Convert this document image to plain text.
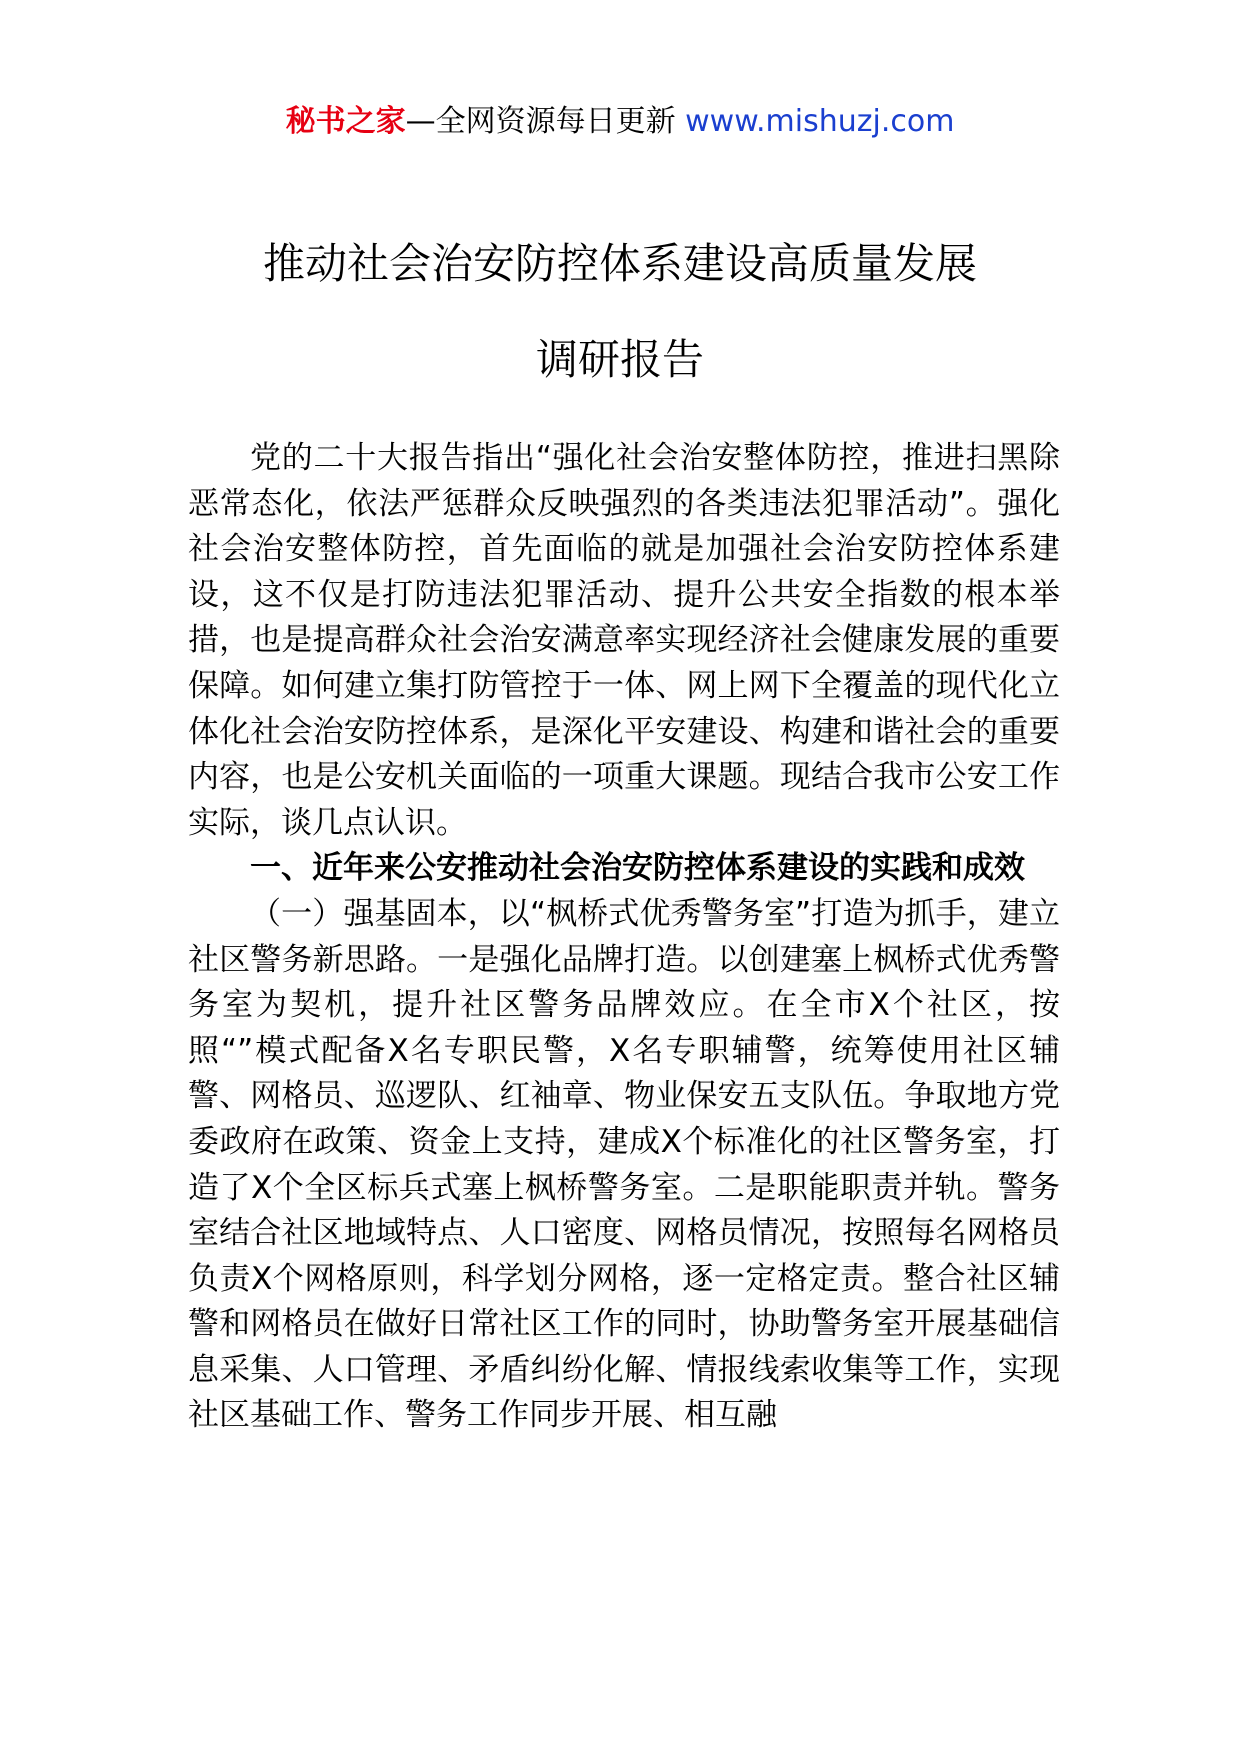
秘书之家—全网资源每日更新 www.mishuzj.com
推动社会治安防控体系建设高质量发展
调研报告

党的二十大报告指出“强化社会治安整体防控，推进扫黑除恶常态化，依法严惩群众反映强烈的各类违法犯罪活动”。强化社会治安整体防控，首先面临的就是加强社会治安防控体系建设，这不仅是打防违法犯罪活动、提升公共安全指数的根本举措，也是提高群众社会治安满意率实现经济社会健康发展的重要保障。如何建立集打防管控于一体、网上网下全覆盖的现代化立体化社会治安防控体系，是深化平安建设、构建和谐社会的重要内容，也是公安机关面临的一项重大课题。现结合我市公安工作实际，谈几点认识。

一、近年来公安推动社会治安防控体系建设的实践和成效

（一）强基固本，以“枫桥式优秀警务室”打造为抓手，建立社区警务新思路。一是强化品牌打造。以创建塞上枫桥式优秀警务室为契机，提升社区警务品牌效应。在全市X个社区，按照“”模式配备X名专职民警，X名专职辅警，统筹使用社区辅警、网格员、巡逻队、红袖章、物业保安五支队伍。争取地方党委政府在政策、资金上支持，建成X个标准化的社区警务室，打造了X个全区标兵式塞上枫桥警务室。二是职能职责并轨。警务室结合社区地域特点、人口密度、网格员情况，按照每名网格员负责X个网格原则，科学划分网格，逐一定格定责。整合社区辅警和网格员在做好日常社区工作的同时，协助警务室开展基础信息采集、人口管理、矛盾纠纷化解、情报线索收集等工作，实现社区基础工作、警务工作同步开展、相互融
